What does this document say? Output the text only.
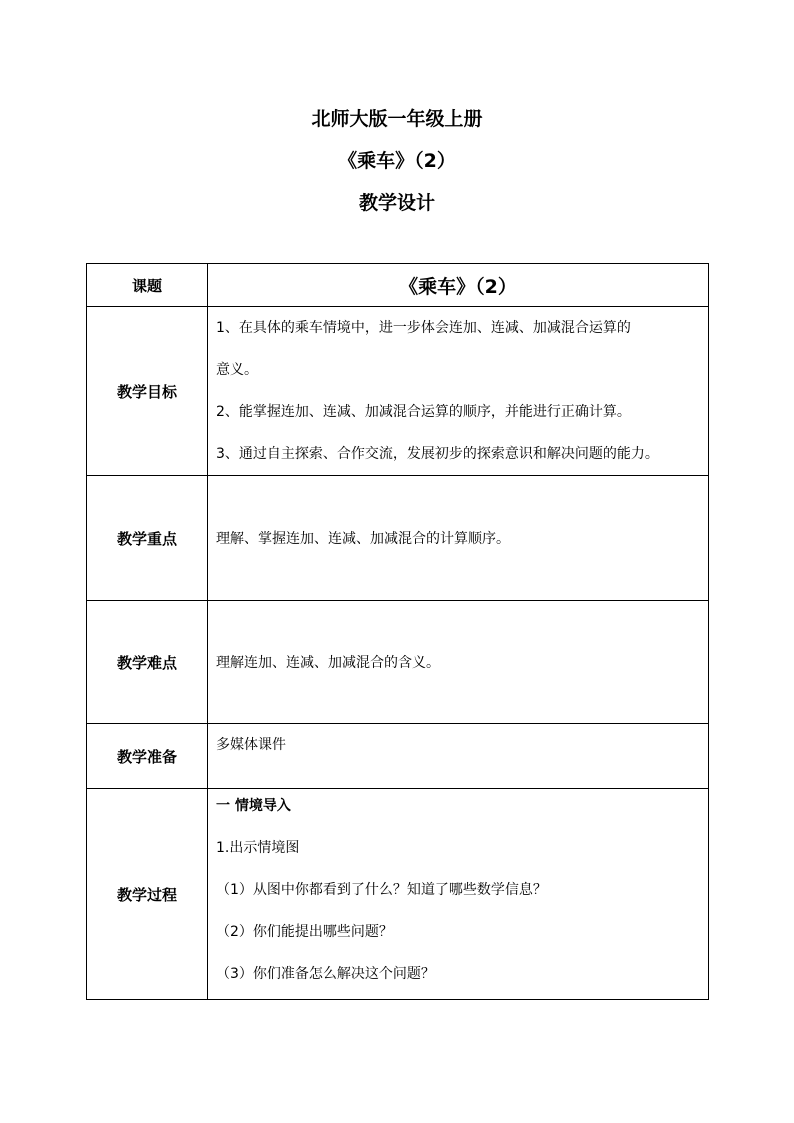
北师大版一年级上册
《乘车》（2）
教学设计
课题	《乘车》（2）
教学目标	1、在具体的乘车情境中，进一步体会连加、连减、加减混合运算的
意义。
2、能掌握连加、连减、加减混合运算的顺序，并能进行正确计算。
3、通过自主探索、合作交流，发展初步的探索意识和解决问题的能力。

教学重点	理解、掌握连加、连减、加减混合的计算顺序。
教学难点	理解连加、连减、加减混合的含义。
教学准备	多媒体课件

教学过程	一 情境导入
1.出示情境图
（1）从图中你都看到了什么？知道了哪些数学信息？
（2）你们能提出哪些问题？
（3）你们准备怎么解决这个问题？
